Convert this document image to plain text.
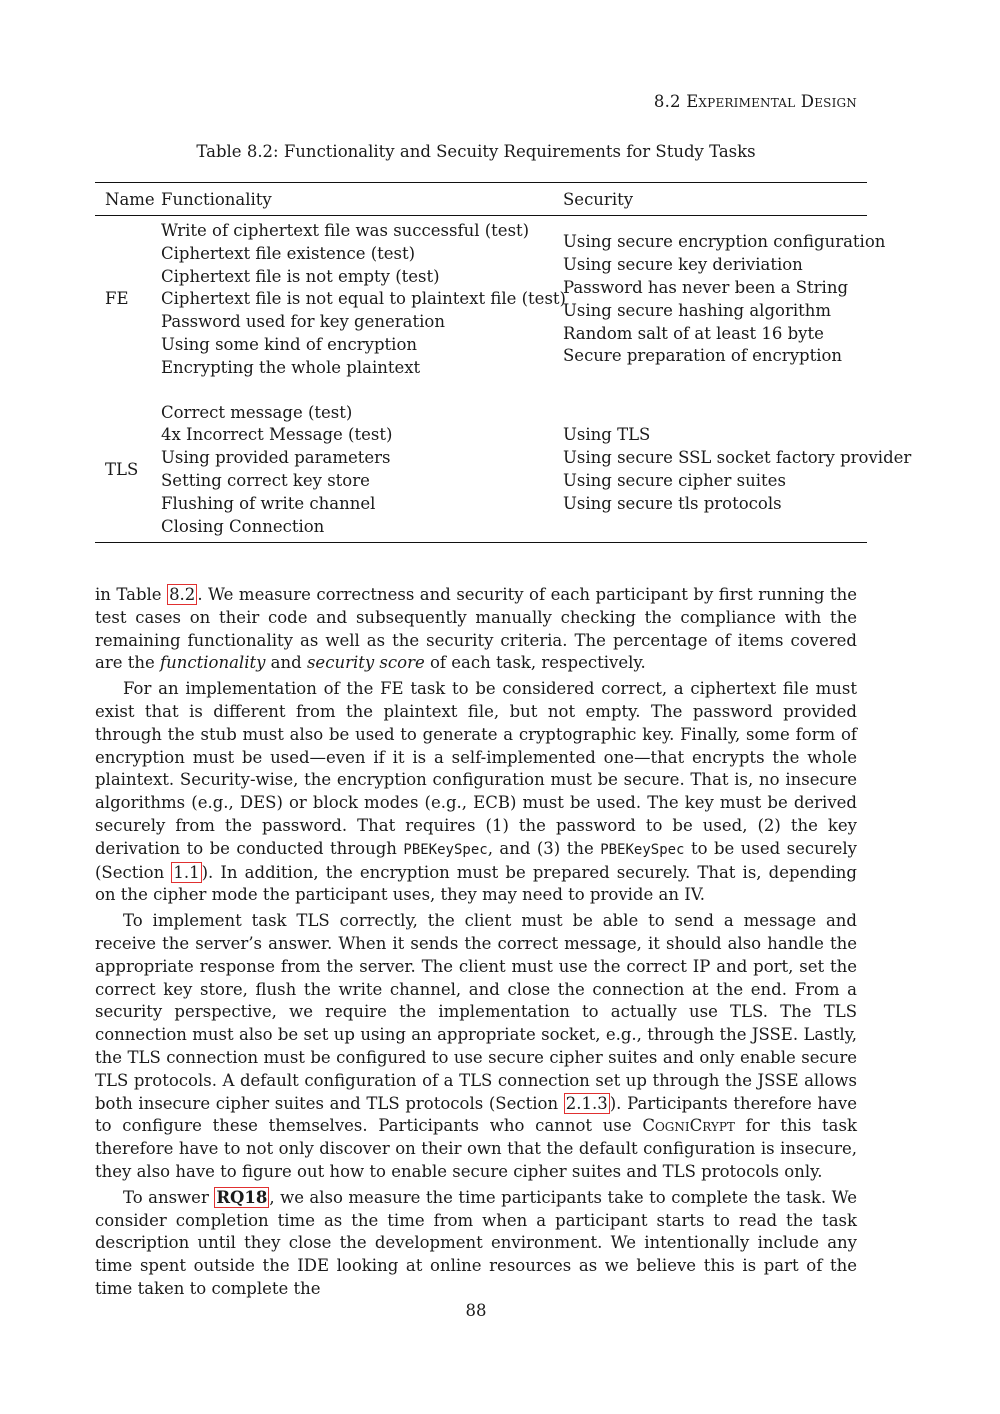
8.2 Experimental Design
Table 8.2: Functionality and Secuity Requirements for Study Tasks
Name Functionality	Security
FE
Write of ciphertext file was successful (test)
Ciphertext file existence (test)
Ciphertext file is not empty (test)
Ciphertext file is not equal to plaintext file (test)
Password used for key generation
Using some kind of encryption
Encrypting the whole plaintext
Using secure encryption configuration
Using secure key deriviation
Password has never been a String
Using secure hashing algorithm
Random salt of at least 16 byte
Secure preparation of encryption
TLS
Correct message (test)
4x Incorrect Message (test)
Using provided parameters
Setting correct key store
Flushing of write channel
Closing Connection
Using TLS
Using secure SSL socket factory provider
Using secure cipher suites
Using secure tls protocols

in Table 8.2 . We measure correctness and security of each participant by first running the test cases on their code and subsequently manually checking the compliance with the remaining functionality as well as the security criteria. The percentage of items covered are the functionality and security score of each task, respectively.

For an implementation of the FE task to be considered correct, a ciphertext file must exist that is different from the plaintext file, but not empty. The password provided through the stub must also be used to generate a cryptographic key. Finally, some form of encryption must be used—even if it is a self-implemented one—that encrypts the whole plaintext. Security-wise, the encryption configuration must be secure. That is, no insecure algorithms (e.g., DES) or block modes (e.g., ECB) must be used. The key must be derived securely from the password. That requires (1) the password to be used, (2) the key derivation to be conducted through PBEKeySpec, and (3) the PBEKeySpec to be used securely (Section 1.1 ). In addition, the encryption must be prepared securely. That is, depending on the cipher mode the participant uses, they may need to provide an IV.

To implement task TLS correctly, the client must be able to send a message and receive the server’s answer. When it sends the correct message, it should also handle the appropriate response from the server. The client must use the correct IP and port, set the correct key store, flush the write channel, and close the connection at the end. From a security perspective, we require the implementation to actually use TLS. The TLS connection must also be set up using an appropriate socket, e.g., through the JSSE. Lastly, the TLS connection must be configured to use secure cipher suites and only enable secure TLS protocols. A default configuration of a TLS connection set up through the JSSE allows both insecure cipher suites and TLS protocols (Section 2.1.3 ). Participants therefore have to configure these themselves. Participants who cannot use CogniCrypt for this task therefore have to not only discover on their own that the default configuration is insecure, they also have to figure out how to enable secure cipher suites and TLS protocols only.

To answer RQ18 , we also measure the time participants take to complete the task. We consider completion time as the time from when a participant starts to read the task description until they close the development environment. We intentionally include any time spent outside the IDE looking at online resources as we believe this is part of the time taken to complete the

88
